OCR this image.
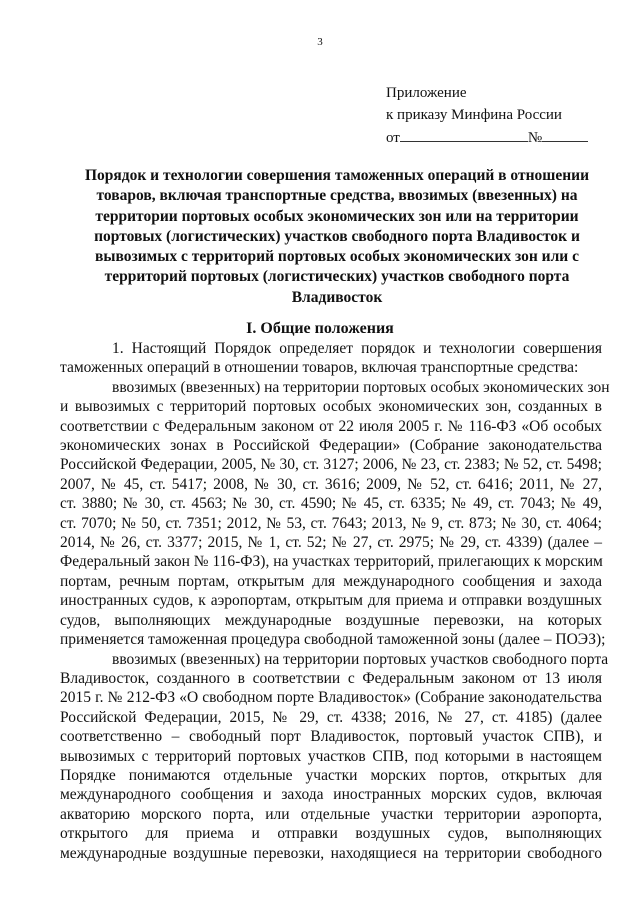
3
Приложение
к приказу Минфина России
от	№
Порядок и технологии совершения таможенных операций в отношении
товаров, включая транспортные средства, ввозимых (ввезенных) на
территории портовых особых экономических зон или на территории
портовых (логистических) участков свободного порта Владивосток и
вывозимых с территорий портовых особых экономических зон или с
территорий портовых (логистических) участков свободного порта
Владивосток
I. Общие положения
1. Настоящий Порядок определяет порядок и технологии совершения
таможенных операций в отношении товаров, включая транспортные средства:
ввозимых (ввезенных) на территории портовых особых экономических зон
и вывозимых с территорий портовых особых экономических зон, созданных в
соответствии с Федеральным законом от 22 июля 2005 г. № 116-ФЗ «Об особых
экономических зонах в Российской Федерации» (Собрание законодательства
Российской Федерации, 2005, № 30, ст. 3127; 2006, № 23, ст. 2383; № 52, ст. 5498;
2007, № 45, ст. 5417; 2008, № 30, ст. 3616; 2009, № 52, ст. 6416; 2011, № 27,
ст. 3880; № 30, ст. 4563; № 30, ст. 4590; № 45, ст. 6335; № 49, ст. 7043; № 49,
ст. 7070; № 50, ст. 7351; 2012, № 53, ст. 7643; 2013, № 9, ст. 873; № 30, ст. 4064;
2014, № 26, ст. 3377; 2015, № 1, ст. 52; № 27, ст. 2975; № 29, ст. 4339) (далее –
Федеральный закон № 116-ФЗ), на участках территорий, прилегающих к морским
портам, речным портам, открытым для международного сообщения и захода
иностранных судов, к аэропортам, открытым для приема и отправки воздушных
судов, выполняющих международные воздушные перевозки, на которых
применяется таможенная процедура свободной таможенной зоны (далее – ПОЭЗ);
ввозимых (ввезенных) на территории портовых участков свободного порта
Владивосток, созданного в соответствии с Федеральным законом от 13 июля
2015 г. № 212-ФЗ «О свободном порте Владивосток» (Собрание законодательства
Российской Федерации, 2015, № 29, ст. 4338; 2016, № 27, ст. 4185) (далее
соответственно – свободный порт Владивосток, портовый участок СПВ), и
вывозимых с территорий портовых участков СПВ, под которыми в настоящем
Порядке понимаются отдельные участки морских портов, открытых для
международного сообщения и захода иностранных морских судов, включая
акваторию морского порта, или отдельные участки территории аэропорта,
открытого для приема и отправки воздушных судов, выполняющих
международные воздушные перевозки, находящиеся на территории свободного
